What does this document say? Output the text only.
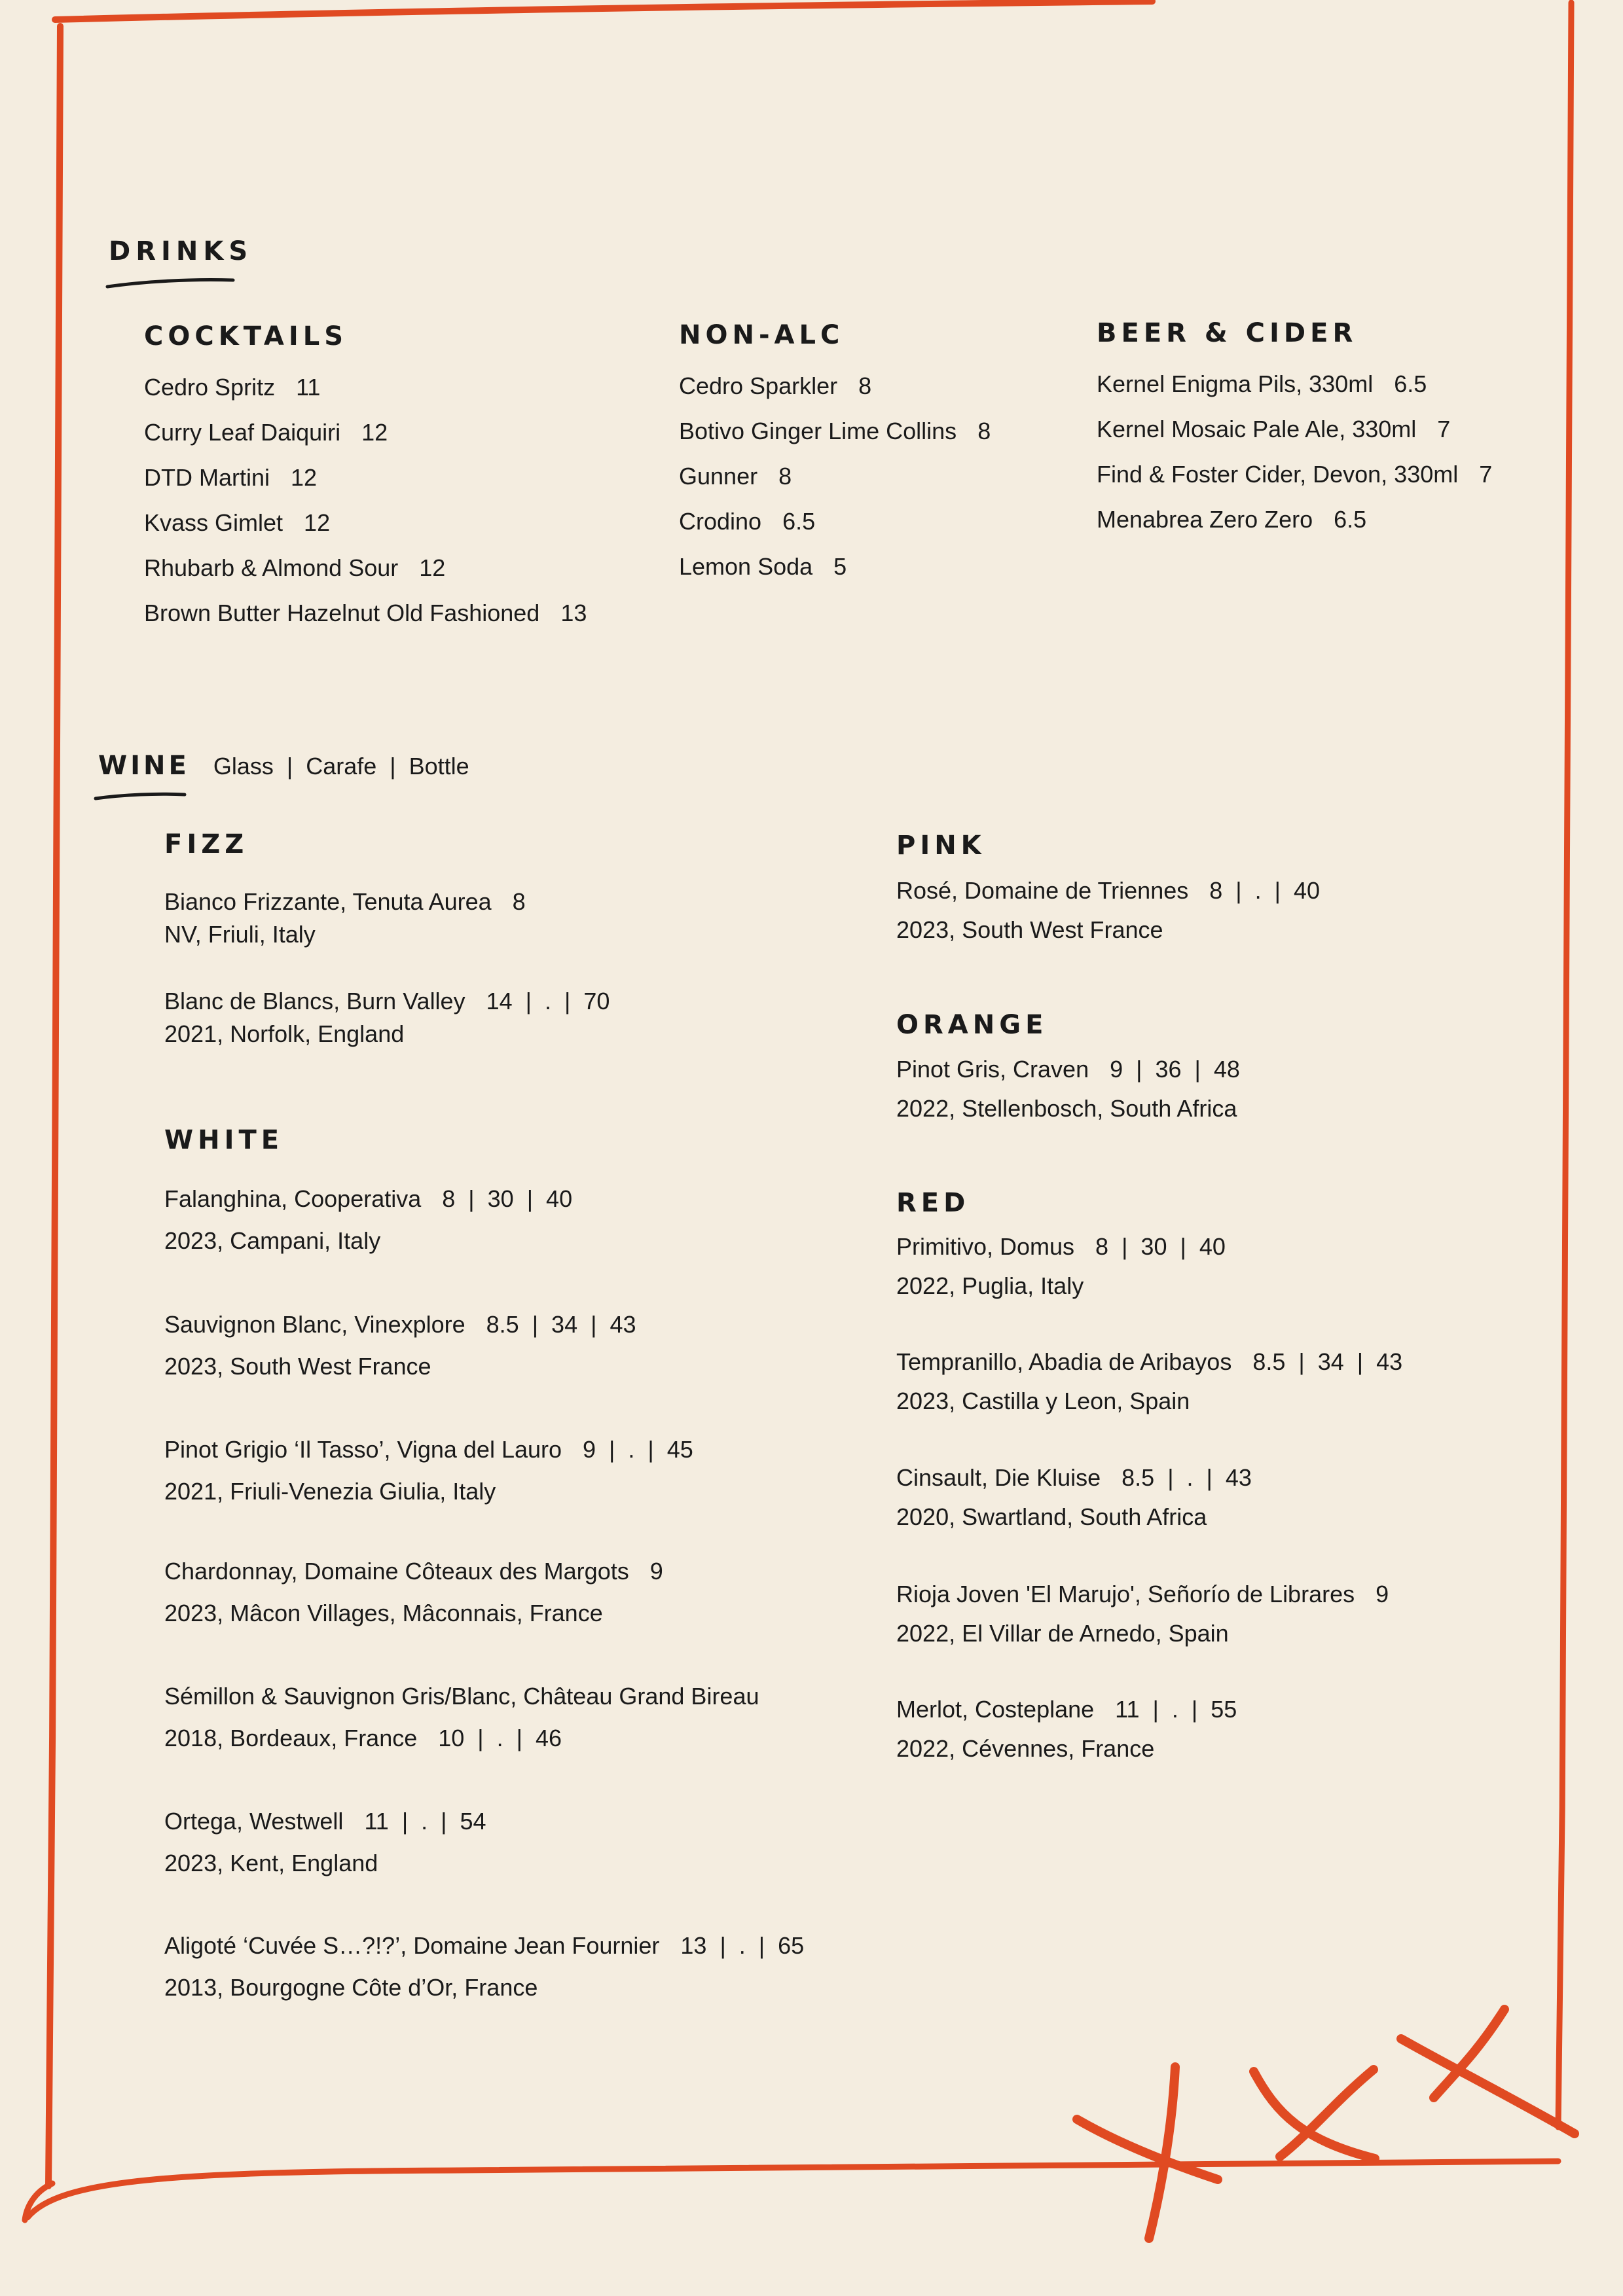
DRINKS
COCKTAILS
Cedro Spritz 11
Curry Leaf Daiquiri 12
DTD Martini 12
Kvass Gimlet 12
Rhubarb & Almond Sour 12
Brown Butter Hazelnut Old Fashioned 13
NON-ALC
Cedro Sparkler 8
Botivo Ginger Lime Collins 8
Gunner 8
Crodino 6.5
Lemon Soda 5
BEER & CIDER
Kernel Enigma Pils, 330ml 6.5
Kernel Mosaic Pale Ale, 330ml 7
Find & Foster Cider, Devon, 330ml 7
Menabrea Zero Zero 6.5
WINE Glass | Carafe | Bottle
FIZZ
Bianco Frizzante, Tenuta Aurea 8
NV, Friuli, Italy
Blanc de Blancs, Burn Valley 14  |  .  |  70
2021, Norfolk, England
WHITE
Falanghina, Cooperativa 8  |  30  |  40
2023, Campani, Italy
Sauvignon Blanc, Vinexplore 8.5  |  34  |  43
2023, South West France
Pinot Grigio ‘Il Tasso’, Vigna del Lauro 9  |  .  |  45
2021, Friuli-Venezia Giulia, Italy
Chardonnay, Domaine Côteaux des Margots 9
2023, Mâcon Villages, Mâconnais, France
Sémillon & Sauvignon Gris/Blanc, Château Grand Bireau
2018, Bordeaux, France 10  |  .  |  46
Ortega, Westwell 11  |  .  |  54
2023, Kent, England
Aligoté ‘Cuvée S…?!?’, Domaine Jean Fournier 13  |  .  |  65
2013, Bourgogne Côte d’Or, France
PINK
Rosé, Domaine de Triennes 8  |  .  |  40
2023, South West France
ORANGE
Pinot Gris, Craven 9  |  36  |  48
2022, Stellenbosch, South Africa
RED
Primitivo, Domus 8  |  30  |  40
2022, Puglia, Italy
Tempranillo, Abadia de Aribayos 8.5  |  34  |  43
2023, Castilla y Leon, Spain
Cinsault, Die Kluise 8.5  |  .  |  43
2020, Swartland, South Africa
Rioja Joven 'El Marujo', Señorío de Librares 9
2022, El Villar de Arnedo, Spain
Merlot, Costeplane 11  |  .  |  55
2022, Cévennes, France
